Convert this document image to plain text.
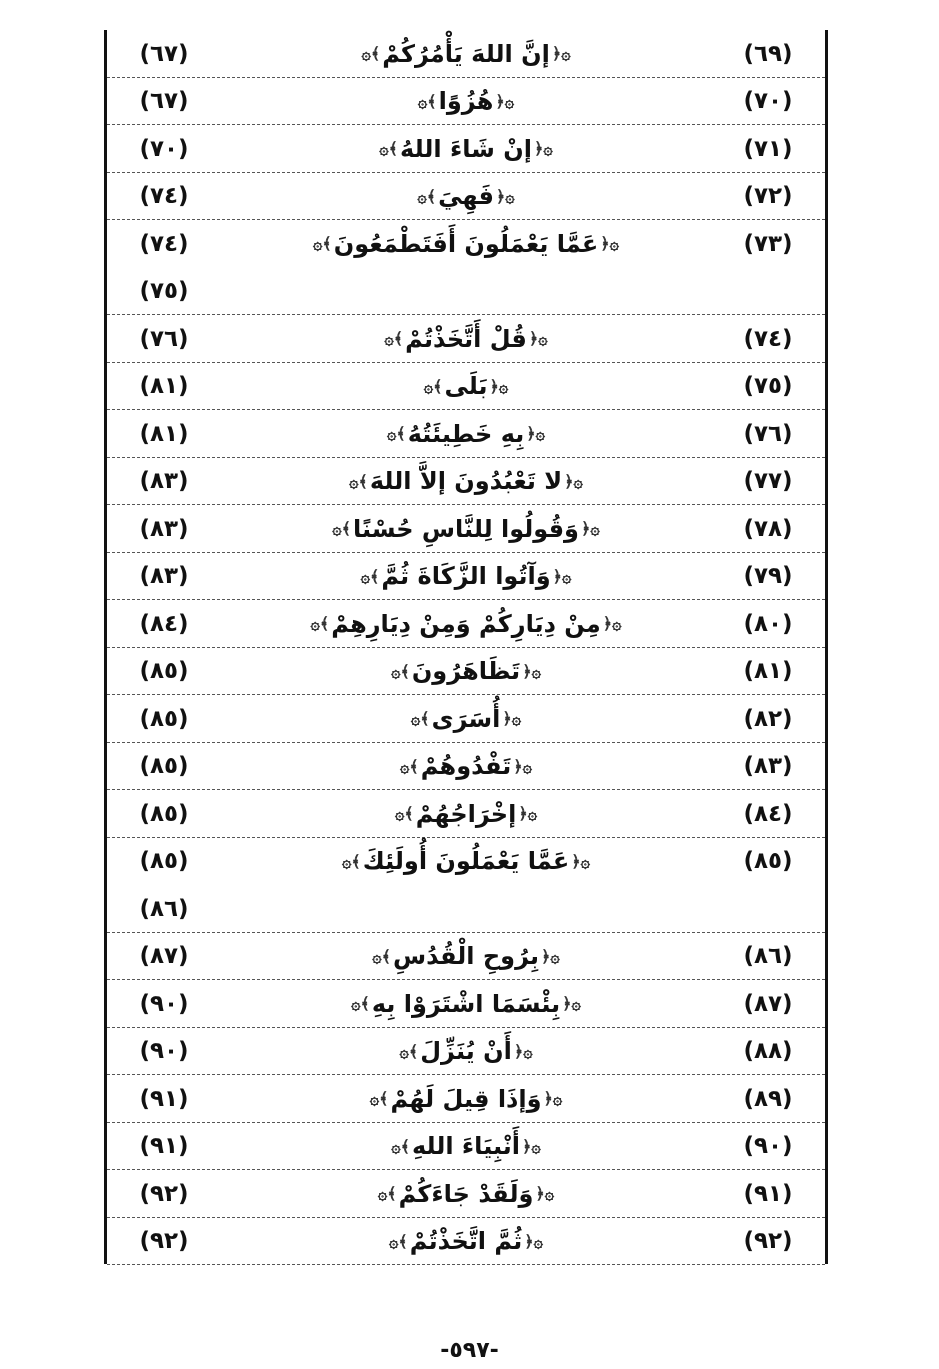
(٦٩)
۞﴿
إنَّ اللهَ يَأْمُرُكُمْ
﴾۞
(٦٧)
(٧٠)
۞﴿
هُزُوًا
﴾۞
(٦٧)
(٧١)
۞﴿
إنْ شَاءَ اللهُ
﴾۞
(٧٠)
(٧٢)
۞﴿
فَهِيَ
﴾۞
(٧٤)
(٧٣)
۞﴿
عَمَّا يَعْمَلُونَ أَفَتَطْمَعُونَ
﴾۞
(٧٤)
(٧٥)
(٧٤)
۞﴿
قُلْ أَتَّخَذْتُمْ
﴾۞
(٧٦)
(٧٥)
۞﴿
بَلَى
﴾۞
(٨١)
(٧٦)
۞﴿
بِهِ خَطِيئَتُهُ
﴾۞
(٨١)
(٧٧)
۞﴿
لا تَعْبُدُونَ إلاَّ اللهَ
﴾۞
(٨٣)
(٧٨)
۞﴿
وَقُولُوا لِلنَّاسِ حُسْنًا
﴾۞
(٨٣)
(٧٩)
۞﴿
وَآتُوا الزَّكَاةَ ثُمَّ
﴾۞
(٨٣)
(٨٠)
۞﴿
مِنْ دِيَارِكُمْ وَمِنْ دِيَارِهِمْ
﴾۞
(٨٤)
(٨١)
۞﴿
تَظَاهَرُونَ
﴾۞
(٨٥)
(٨٢)
۞﴿
أُسَرَى
﴾۞
(٨٥)
(٨٣)
۞﴿
تَفْدُوهُمْ
﴾۞
(٨٥)
(٨٤)
۞﴿
إخْرَاجُهُمْ
﴾۞
(٨٥)
(٨٥)
۞﴿
عَمَّا يَعْمَلُونَ أُولَئِكَ
﴾۞
(٨٥)
(٨٦)
(٨٦)
۞﴿
بِرُوحِ الْقُدُسِ
﴾۞
(٨٧)
(٨٧)
۞﴿
بِئْسَمَا اشْتَرَوْا بِهِ
﴾۞
(٩٠)
(٨٨)
۞﴿
أَنْ يُنَزِّلَ
﴾۞
(٩٠)
(٨٩)
۞﴿
وَإذَا قِيلَ لَهُمْ
﴾۞
(٩١)
(٩٠)
۞﴿
أَنْبِيَاءَ اللهِ
﴾۞
(٩١)
(٩١)
۞﴿
وَلَقَدْ جَاءَكُمْ
﴾۞
(٩٢)
(٩٢)
۞﴿
ثُمَّ اتَّخَذْتُمْ
﴾۞
(٩٢)
-٥٩٧-
